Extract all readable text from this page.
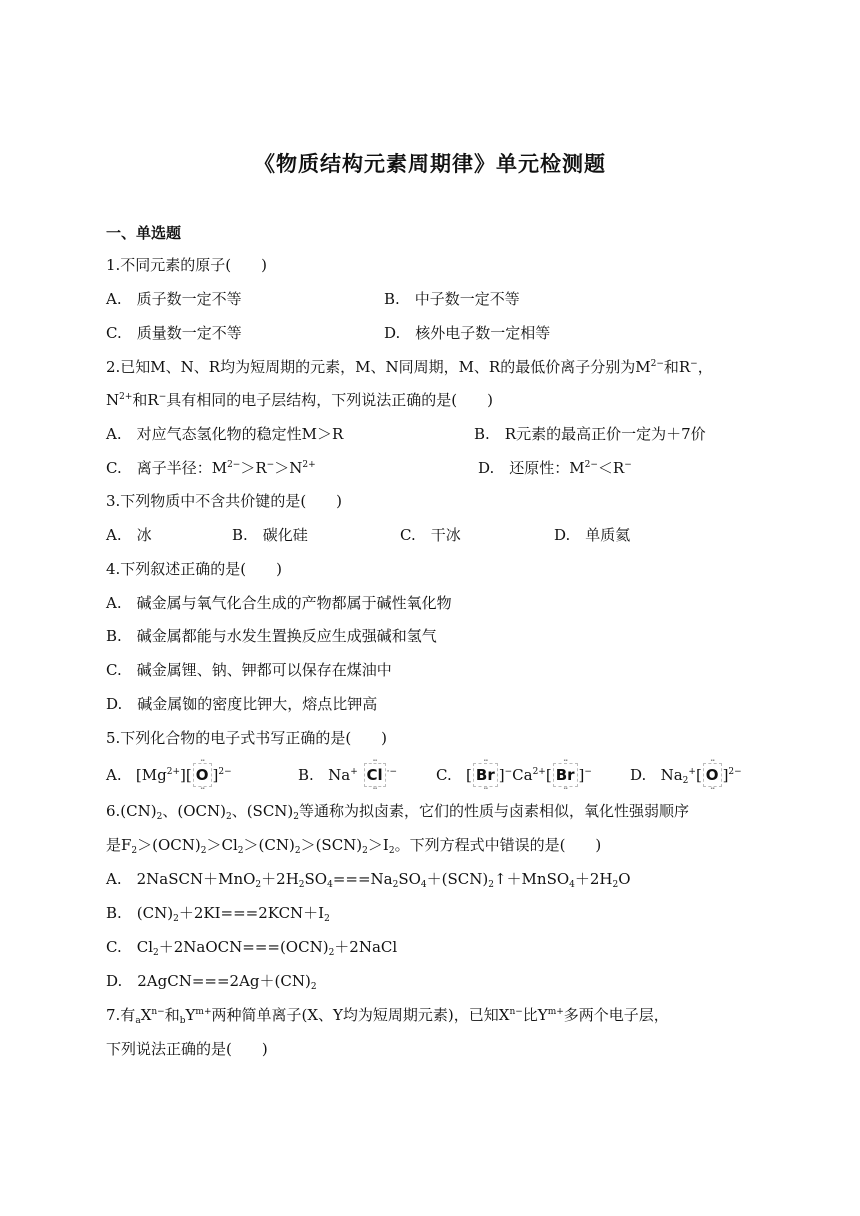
《物质结构元素周期律》单元检测题
一、单选题
1.不同元素的原子(　　)
A.　质子数一定不等	B.　中子数一定不等
C.　质量数一定不等	D.　核外电子数一定相等
2.已知M、N、R均为短周期的元素，M、N同周期，M、R的最低价离子分别为$M^{2-}$和R−，
$N^{2+}$和R−具有相同的电子层结构，下列说法正确的是(　　)
A.　对应气态氢化物的稳定性M＞R	B.　R元素的最高正价一定为＋7价
C.　离子半径：$M^{2-}>R^->N^{2+}$	D.　还原性：$M^{2-}<R^-$
3.下列物质中不含共价键的是(　　)
A.　冰	B.　碳化硅	C.　干冰	D.　单质氦
4.下列叙述正确的是(　　)
A.　碱金属与氧气化合生成的产物都属于碱性氧化物
B.　碱金属都能与水发生置换反应生成强碱和氢气
C.　碱金属锂、钠、钾都可以保存在煤油中
D.　碱金属铷的密度比钾大，熔点比钾高
5.下列化合物的电子式书写正确的是(　　)
A. $[Mg^{2+}][ \cdot\cdot O \cdot\cdot ]^{2-}$	B. Na+ ·· Cl ·· ·−	C. [ ·· $Br \cdot\cdot ]^-Ca^{2+}[ \cdot\cdot Br \cdot\cdot ]^-$	D. $Na_2^+[ \cdot\cdot O \cdot\cdot ]^{2-}$
$6.(CN)_2$、$(OCN)_2$、$(SCN)_2$等通称为拟卤素，它们的性质与卤素相似，氧化性强弱顺序
是$F_2>(OCN)_2>Cl_2>(CN)_2>(SCN)_2>I_2$。下列方程式中错误的是(　　)
A.　$2NaSCN+MnO_2+2H_2SO_4===Na_2SO_4+(SCN)_2↑+MnSO_4+2H_2O$
B.　$(CN)_2+2KI===2KCN+I_2$
C.　$Cl_2+2NaOCN===(OCN)_2+2NaCl$
D.　$2AgCN===2Ag+(CN)_2$
7.有$_aX^{n-}$和$_bY^{m+}$两种简单离子(X、Y均为短周期元素)，已知$X^{n-}$比$Y^{m+}$多两个电子层，
下列说法正确的是(　　)
